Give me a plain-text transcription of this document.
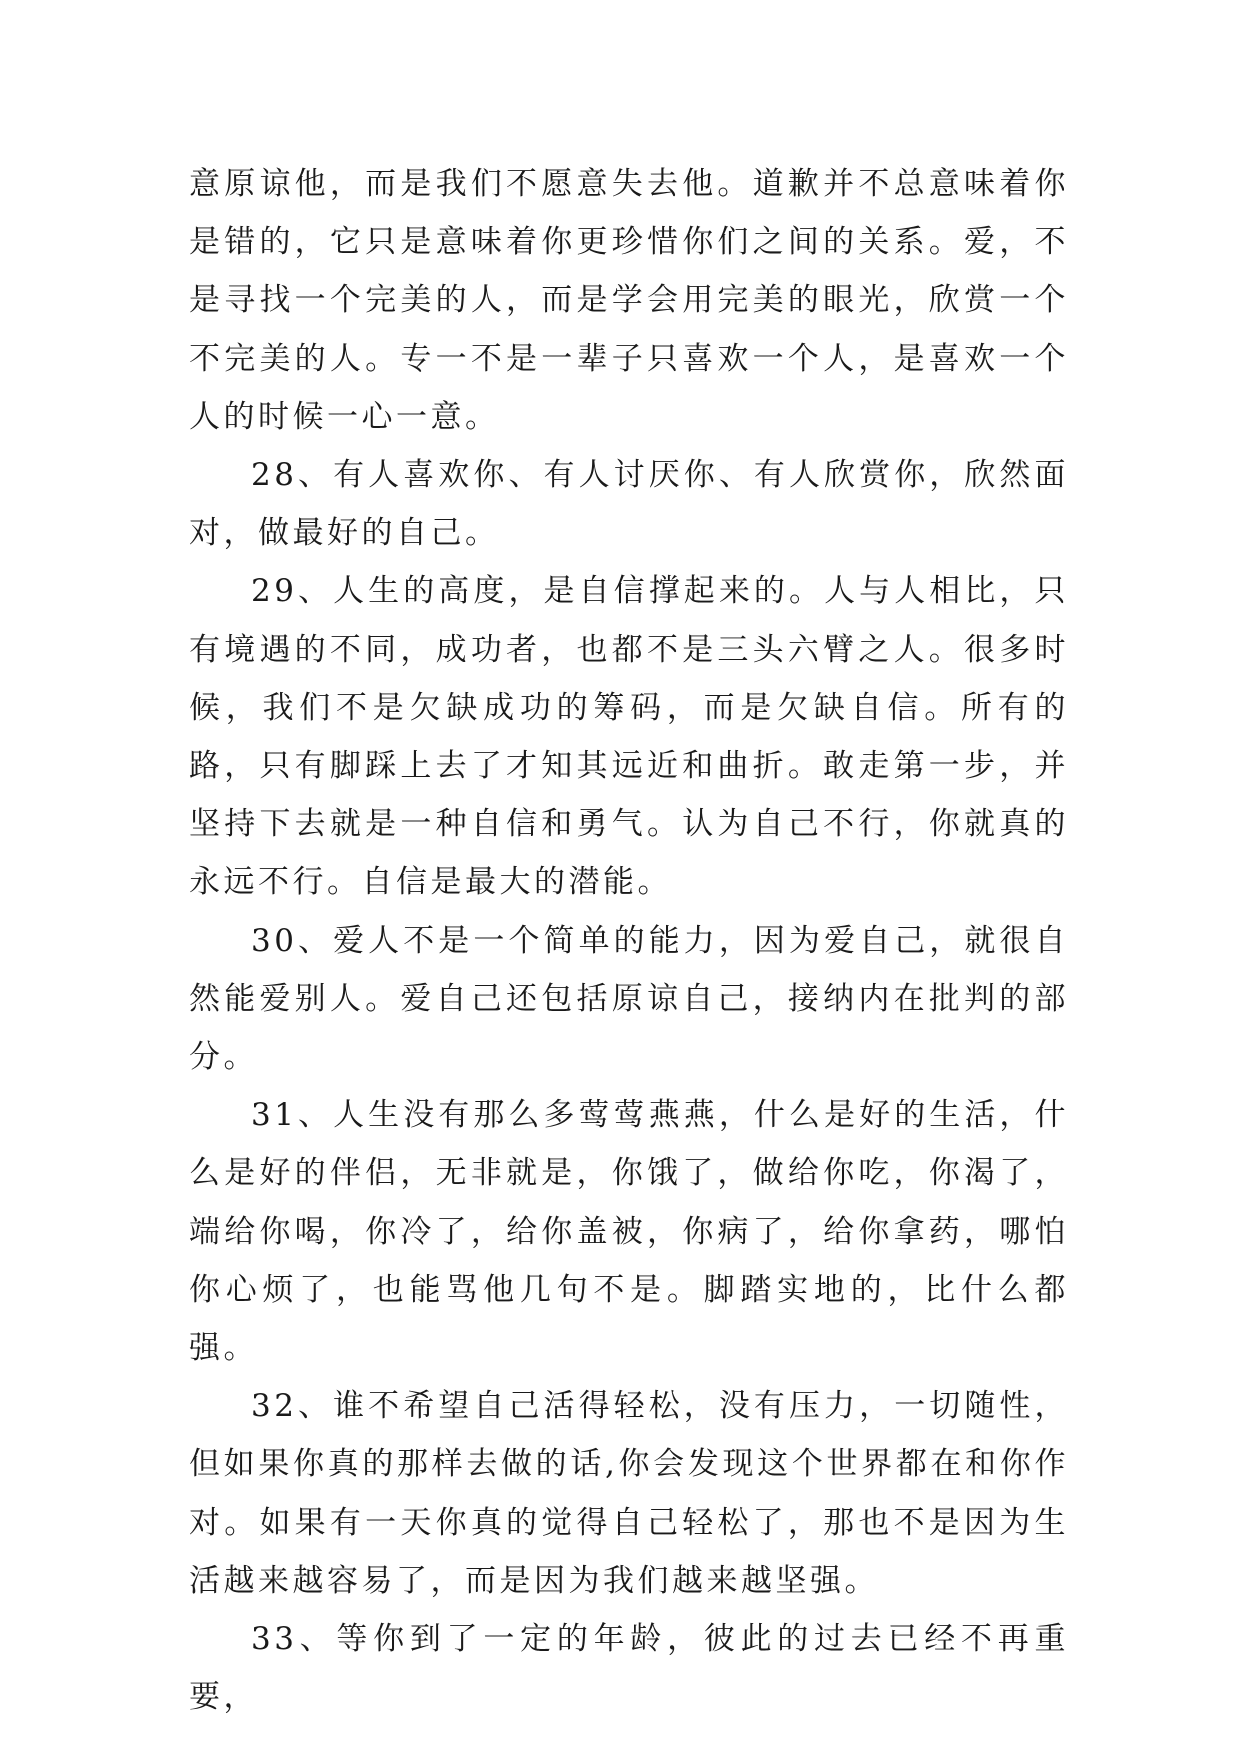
意原谅他，而是我们不愿意失去他。道歉并不总意味着你是错的，它只是意味着你更珍惜你们之间的关系。爱，不是寻找一个完美的人，而是学会用完美的眼光，欣赏一个不完美的人。专一不是一辈子只喜欢一个人，是喜欢一个人的时候一心一意。

28、有人喜欢你、有人讨厌你、有人欣赏你，欣然面对，做最好的自己。

29、人生的高度，是自信撑起来的。人与人相比，只有境遇的不同，成功者，也都不是三头六臂之人。很多时候，我们不是欠缺成功的筹码，而是欠缺自信。所有的路，只有脚踩上去了才知其远近和曲折。敢走第一步，并坚持下去就是一种自信和勇气。认为自己不行，你就真的永远不行。自信是最大的潜能。

30、爱人不是一个简单的能力，因为爱自己，就很自然能爱别人。爱自己还包括原谅自己，接纳内在批判的部分。

31、人生没有那么多莺莺燕燕，什么是好的生活，什么是好的伴侣，无非就是，你饿了，做给你吃，你渴了，端给你喝，你冷了，给你盖被，你病了，给你拿药，哪怕你心烦了，也能骂他几句不是。脚踏实地的，比什么都强。

32、谁不希望自己活得轻松，没有压力，一切随性，但如果你真的那样去做的话,你会发现这个世界都在和你作对。如果有一天你真的觉得自己轻松了，那也不是因为生活越来越容易了，而是因为我们越来越坚强。

33、等你到了一定的年龄，彼此的过去已经不再重要，
